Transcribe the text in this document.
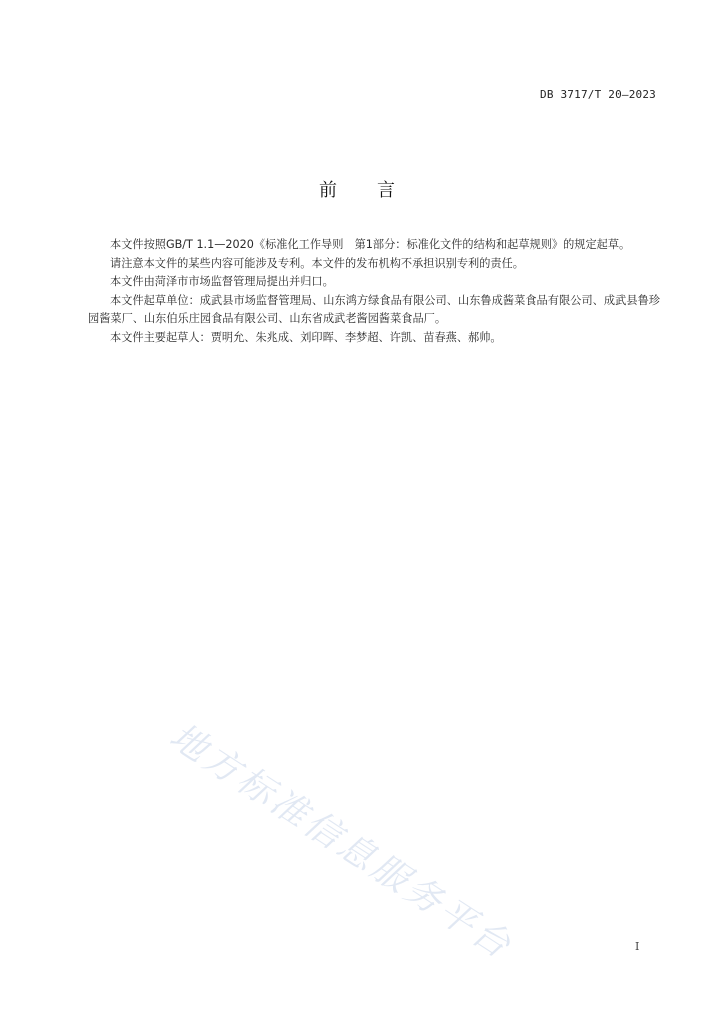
DB 3717/T 20—2023
前言

本文件按照GB/T 1.1—2020《标准化工作导则　第1部分：标准化文件的结构和起草规则》的规定起草。

请注意本文件的某些内容可能涉及专利。本文件的发布机构不承担识别专利的责任。

本文件由菏泽市市场监督管理局提出并归口。

本文件起草单位：成武县市场监督管理局、山东鸿方绿食品有限公司、山东鲁成酱菜食品有限公司、成武县鲁珍园酱菜厂、山东伯乐庄园食品有限公司、山东省成武老酱园酱菜食品厂。

本文件主要起草人：贾明允、朱兆成、刘印晖、李梦超、许凯、苗春燕、郝帅。

地方标准信息服务平台	I
